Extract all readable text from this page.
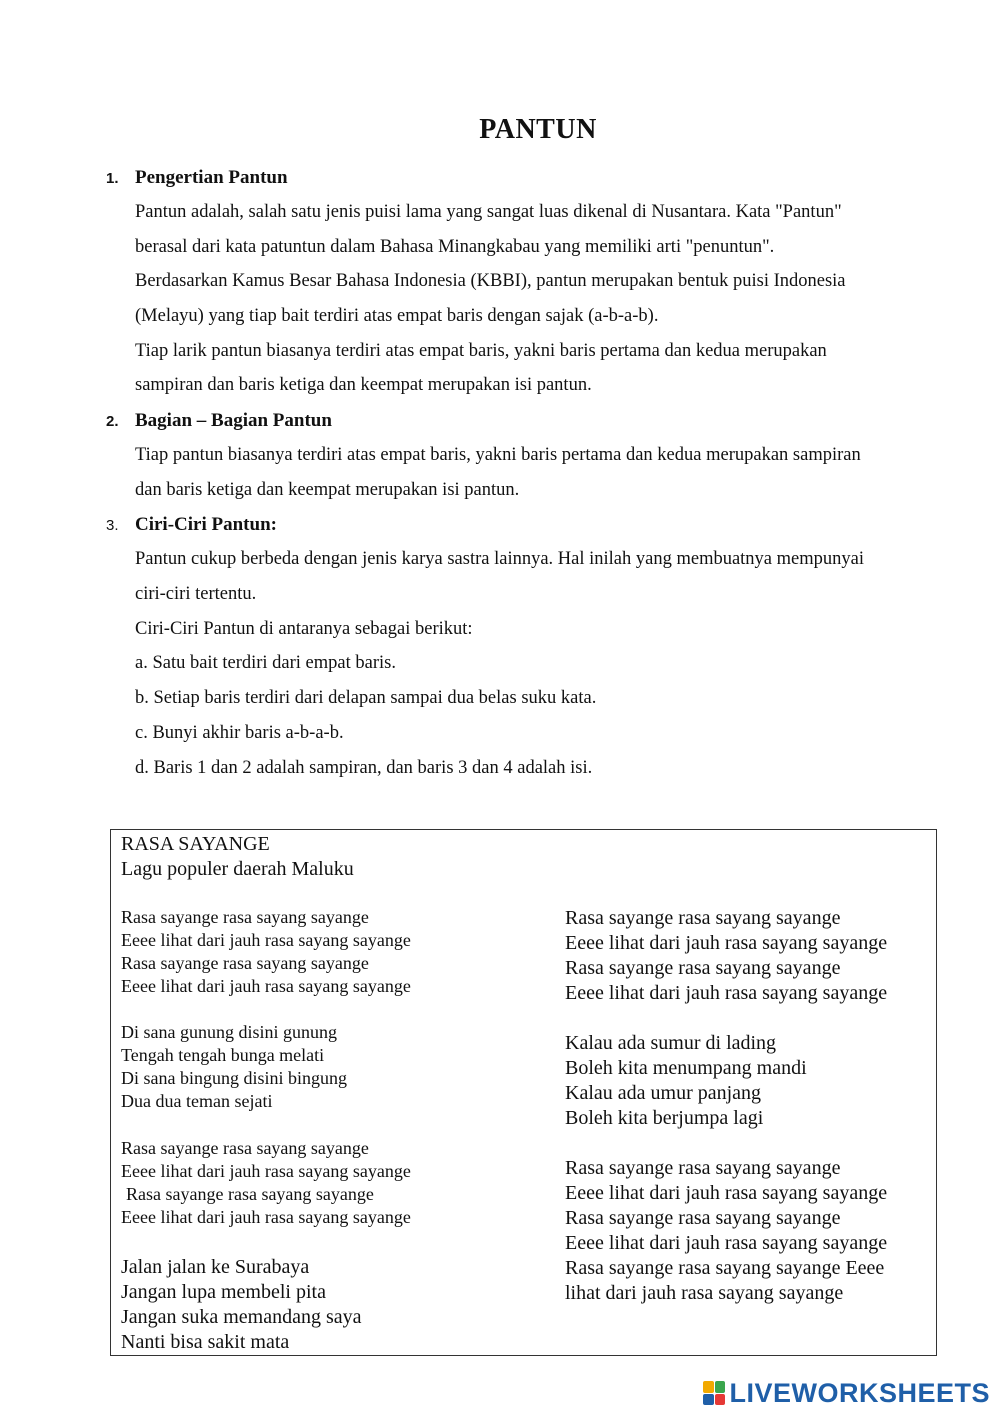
PANTUN
1. Pengertian Pantun
Pantun adalah, salah satu jenis puisi lama yang sangat luas dikenal di Nusantara. Kata "Pantun"
berasal dari kata patuntun dalam Bahasa Minangkabau yang memiliki arti "penuntun".
Berdasarkan Kamus Besar Bahasa Indonesia (KBBI), pantun merupakan bentuk puisi Indonesia
(Melayu) yang tiap bait terdiri atas empat baris dengan sajak (a-b-a-b).
Tiap larik pantun biasanya terdiri atas empat baris, yakni baris pertama dan kedua merupakan
sampiran dan baris ketiga dan keempat merupakan isi pantun.
2. Bagian – Bagian Pantun
Tiap pantun biasanya terdiri atas empat baris, yakni baris pertama dan kedua merupakan sampiran
dan baris ketiga dan keempat merupakan isi pantun.
3. Ciri-Ciri Pantun:
Pantun cukup berbeda dengan jenis karya sastra lainnya. Hal inilah yang membuatnya mempunyai
ciri-ciri tertentu.
Ciri-Ciri Pantun di antaranya sebagai berikut:
a. Satu bait terdiri dari empat baris.
b. Setiap baris terdiri dari delapan sampai dua belas suku kata.
c. Bunyi akhir baris a-b-a-b.
d. Baris 1 dan 2 adalah sampiran, dan baris 3 dan 4 adalah isi.
RASA SAYANGE
Lagu populer daerah Maluku
Rasa sayange rasa sayang sayange
Eeee lihat dari jauh rasa sayang sayange
Rasa sayange rasa sayang sayange
Eeee lihat dari jauh rasa sayang sayange
Di sana gunung disini gunung
Tengah tengah bunga melati
Di sana bingung disini bingung
Dua dua teman sejati
Rasa sayange rasa sayang sayange
Eeee lihat dari jauh rasa sayang sayange
Rasa sayange rasa sayang sayange
Eeee lihat dari jauh rasa sayang sayange
Jalan jalan ke Surabaya
Jangan lupa membeli pita
Jangan suka memandang saya
Nanti bisa sakit mata
Rasa sayange rasa sayang sayange
Eeee lihat dari jauh rasa sayang sayange
Rasa sayange rasa sayang sayange
Eeee lihat dari jauh rasa sayang sayange
Kalau ada sumur di lading
Boleh kita menumpang mandi
Kalau ada umur panjang
Boleh kita berjumpa lagi
Rasa sayange rasa sayang sayange
Eeee lihat dari jauh rasa sayang sayange
Rasa sayange rasa sayang sayange
Eeee lihat dari jauh rasa sayang sayange
Rasa sayange rasa sayang sayange Eeee
lihat dari jauh rasa sayang sayange
LIVEWORKSHEETS
